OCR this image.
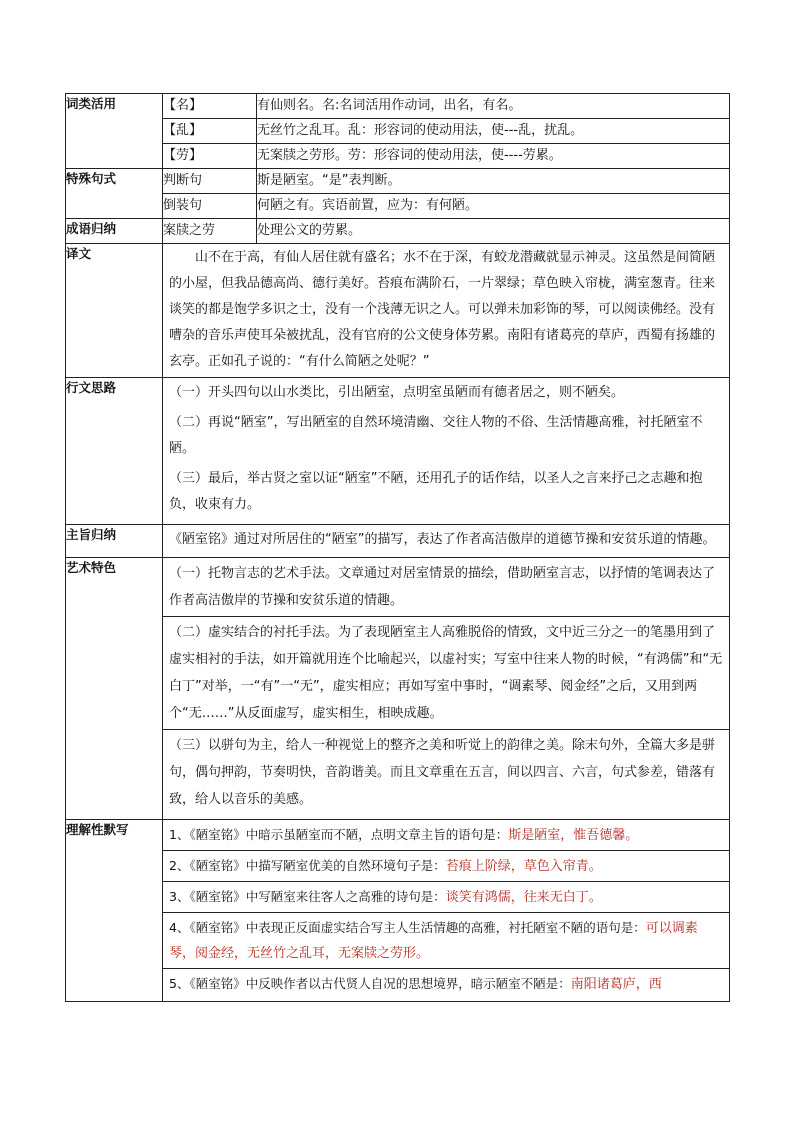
词类活用	【名】	有仙则名。名:名词活用作动词，出名，有名。
	【乱】	无丝竹之乱耳。乱：形容词的使动用法，使---乱，扰乱。
	【劳】	无案牍之劳形。劳：形容词的使动用法，使----劳累。
特殊句式	判断句	斯是陋室。“是”表判断。
	倒装句	何陋之有。宾语前置，应为：有何陋。
成语归纳	案牍之劳	处理公文的劳累。
译文	山不在于高，有仙人居住就有盛名；水不在于深，有蛟龙潜藏就显示神灵。这虽然是间简陋的小屋，但我品德高尚、德行美好。苔痕布满阶石，一片翠绿；草色映入帘栊，满室葱青。往来谈笑的都是饱学多识之士，没有一个浅薄无识之人。可以弹未加彩饰的琴，可以阅读佛经。没有嘈杂的音乐声使耳朵被扰乱，没有官府的公文使身体劳累。南阳有诸葛亮的草庐，西蜀有扬雄的玄亭。正如孔子说的：“有什么简陋之处呢？”	

行文思路	（一）开头四句以山水类比，引出陋室，点明室虽陋而有德者居之，则不陋矣。
（二）再说“陋室”，写出陋室的自然环境清幽、交往人物的不俗、生活情趣高雅，衬托陋室不陋。
（三）最后，举古贤之室以证“陋室”不陋，还用孔子的话作结，以圣人之言来抒己之志趣和抱负，收束有力。	

主旨归纳	《陋室铭》通过对所居住的“陋室”的描写，表达了作者高洁傲岸的道德节操和安贫乐道的情趣。	

艺术特色	（一）托物言志的艺术手法。文章通过对居室情景的描绘，借助陋室言志，以抒情的笔调表达了作者高洁傲岸的节操和安贫乐道的情趣。
（二）虚实结合的衬托手法。为了表现陋室主人高雅脱俗的情致，文中近三分之一的笔墨用到了虚实相衬的手法，如开篇就用连个比喻起兴，以虚衬实；写室中往来人物的时候，“有鸿儒”和“无白丁”对举，一“有”一“无”，虚实相应；再如写室中事时，“调素琴、阅金经”之后，又用到两个“无……”从反面虚写，虚实相生，相映成趣。
（三）以骈句为主，给人一种视觉上的整齐之美和听觉上的韵律之美。除末句外，全篇大多是骈句，偶句押韵，节奏明快，音韵谐美。而且文章重在五言，间以四言、六言，句式参差，错落有致，给人以音乐的美感。	

理解性默写	1、《陋室铭》中暗示虽陋室而不陋，点明文章主旨的语句是：斯是陋室，惟吾德馨。
2、《陋室铭》中描写陋室优美的自然环境句子是：苔痕上阶绿，草色入帘青。
3、《陋室铭》中写陋室来往客人之高雅的诗句是：谈笑有鸿儒，往来无白丁。
4、《陋室铭》中表现正反面虚实结合写主人生活情趣的高雅，衬托陋室不陋的语句是：可以调素琴，阅金经，无丝竹之乱耳，无案牍之劳形。
5、《陋室铭》中反映作者以古代贤人自况的思想境界，暗示陋室不陋是：南阳诸葛庐，西	
